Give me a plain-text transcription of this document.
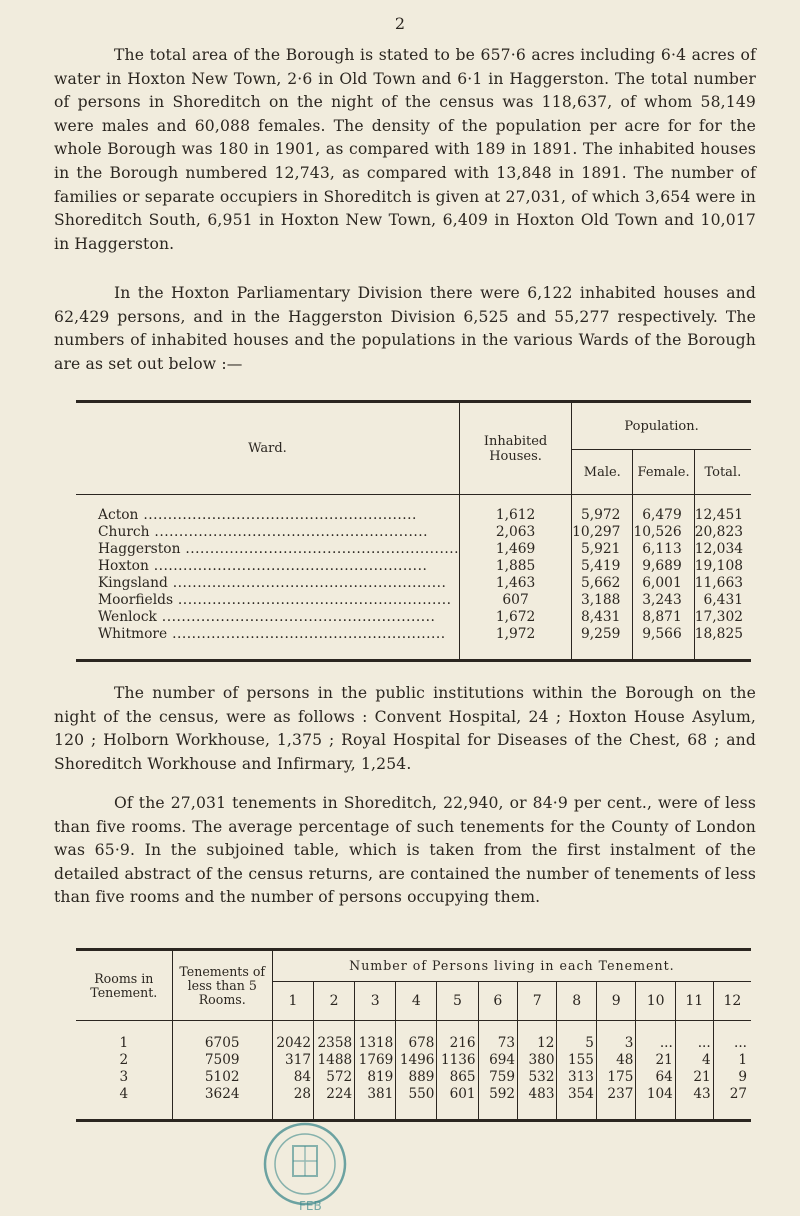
2

The total area of the Borough is stated to be 657·6 acres including 6·4 acres of water in Hoxton New Town, 2·6 in Old Town and 6·1 in Haggerston. The total number of persons in Shoreditch on the night of the census was 118,637, of whom 58,149 were males and 60,088 females. The density of the population per acre for for the whole Borough was 180 in 1901, as compared with 189 in 1891. The inhabited houses in the Borough numbered 12,743, as compared with 13,848 in 1891. The number of families or separate occupiers in Shoreditch is given at 27,031, of which 3,654 were in Shoreditch South, 6,951 in Hoxton New Town, 6,409 in Hoxton Old Town and 10,017 in Haggerston.

In the Hoxton Parliamentary Division there were 6,122 inhabited houses and 62,429 persons, and in the Haggerston Division 6,525 and 55,277 respectively. The numbers of inhabited houses and the populations in the various Wards of the Borough are as set out below :—

Ward.	Inhabited Houses.	Population.		
		Male.	Female.	Total.
Acton .....	1,612	5,972	6,479	12,451
Church .....	2,063	10,297	10,526	20,823
Haggerston .....	1,469	5,921	6,113	12,034
Hoxton .....	1,885	5,419	9,689	19,108
Kingsland .....	1,463	5,662	6,001	11,663
Moorfields .....	607	3,188	3,243	6,431
Wenlock .....	1,672	8,431	8,871	17,302
Whitmore .....	1,972	9,259	9,566	18,825

The number of persons in the public institutions within the Borough on the night of the census, were as follows : Convent Hospital, 24 ; Hoxton House Asylum, 120 ; Holborn Workhouse, 1,375 ; Royal Hospital for Diseases of the Chest, 68 ; and Shoreditch Workhouse and Infirmary, 1,254.

Of the 27,031 tenements in Shoreditch, 22,940, or 84·9 per cent., were of less than five rooms. The average percentage of such tenements for the County of London was 65·9. In the subjoined table, which is taken from the first instalment of the detailed abstract of the census returns, are contained the number of tenements of less than five rooms and the number of persons occupying them.

Rooms in Tenement.	Tenements of less than 5 Rooms.	Number of Persons living in each Tenement.											
		1	2	3	4	5	6	7	8	9	10	11	12
1	6705	2042	2358	1318	678	216	73	12	5	3	...	...	...
2	7509	317	1488	1769	1496	1136	694	380	155	48	21	4	1
3	5102	84	572	819	889	865	759	532	313	175	64	21	9
4	3624	28	224	381	550	601	592	483	354	237	104	43	27
FEB
